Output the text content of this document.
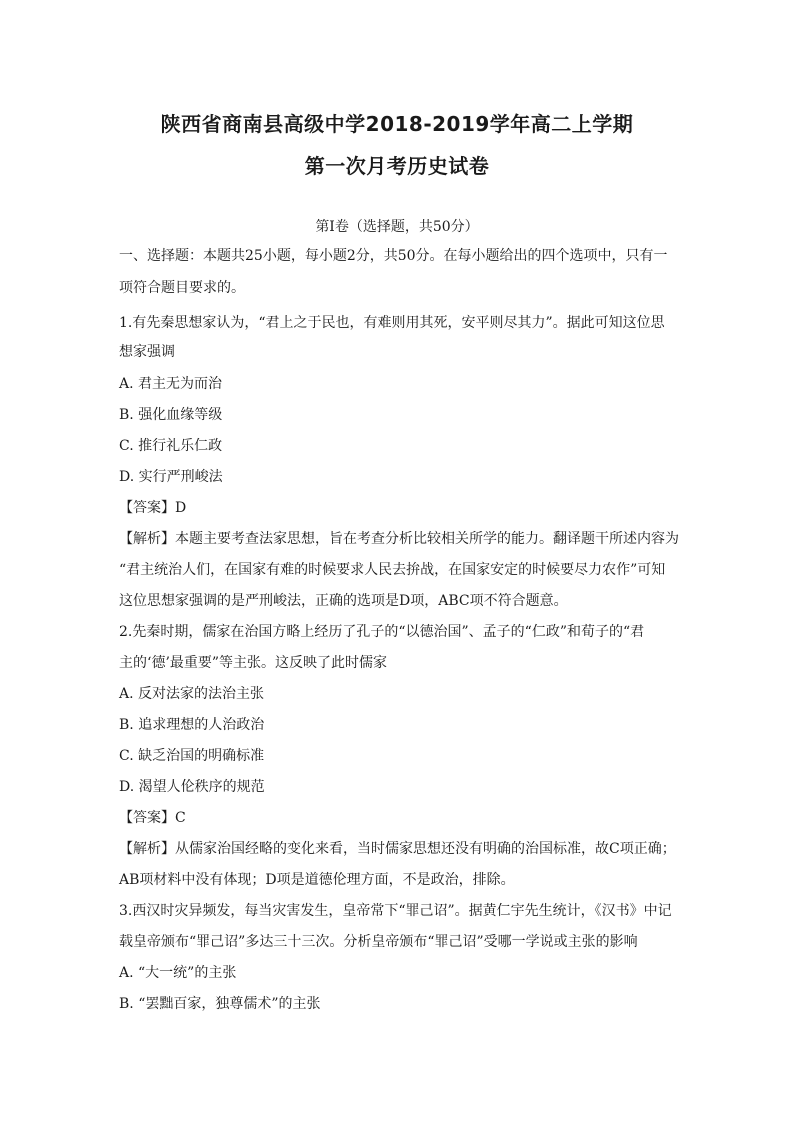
陕西省商南县高级中学2018-2019学年高二上学期
第一次月考历史试卷
第I卷（选择题，共50分）
一、选择题：本题共25小题，每小题2分，共50分。在每小题给出的四个选项中，只有一
项符合题目要求的。
1.有先秦思想家认为，“君上之于民也，有难则用其死，安平则尽其力”。据此可知这位思
想家强调
A. 君主无为而治
B. 强化血缘等级
C. 推行礼乐仁政
D. 实行严刑峻法
【答案】D
【解析】本题主要考查法家思想，旨在考查分析比较相关所学的能力。翻译题干所述内容为
“君主统治人们，在国家有难的时候要求人民去拚战，在国家安定的时候要尽力农作”可知
这位思想家强调的是严刑峻法，正确的选项是D项，ABC项不符合题意。
2.先秦时期，儒家在治国方略上经历了孔子的“以德治国”、孟子的“仁政”和荀子的“君
主的‘德’最重要”等主张。这反映了此时儒家
A. 反对法家的法治主张
B. 追求理想的人治政治
C. 缺乏治国的明确标准
D. 渴望人伦秩序的规范
【答案】C
【解析】从儒家治国经略的变化来看，当时儒家思想还没有明确的治国标准，故C项正确；
AB项材料中没有体现；D项是道德伦理方面，不是政治，排除。
3.西汉时灾异频发，每当灾害发生，皇帝常下“罪己诏”。据黄仁宇先生统计，《汉书》中记
载皇帝颁布“罪己诏”多达三十三次。分析皇帝颁布“罪己诏”受哪一学说或主张的影响
A. “大一统”的主张
B. “罢黜百家，独尊儒术”的主张
